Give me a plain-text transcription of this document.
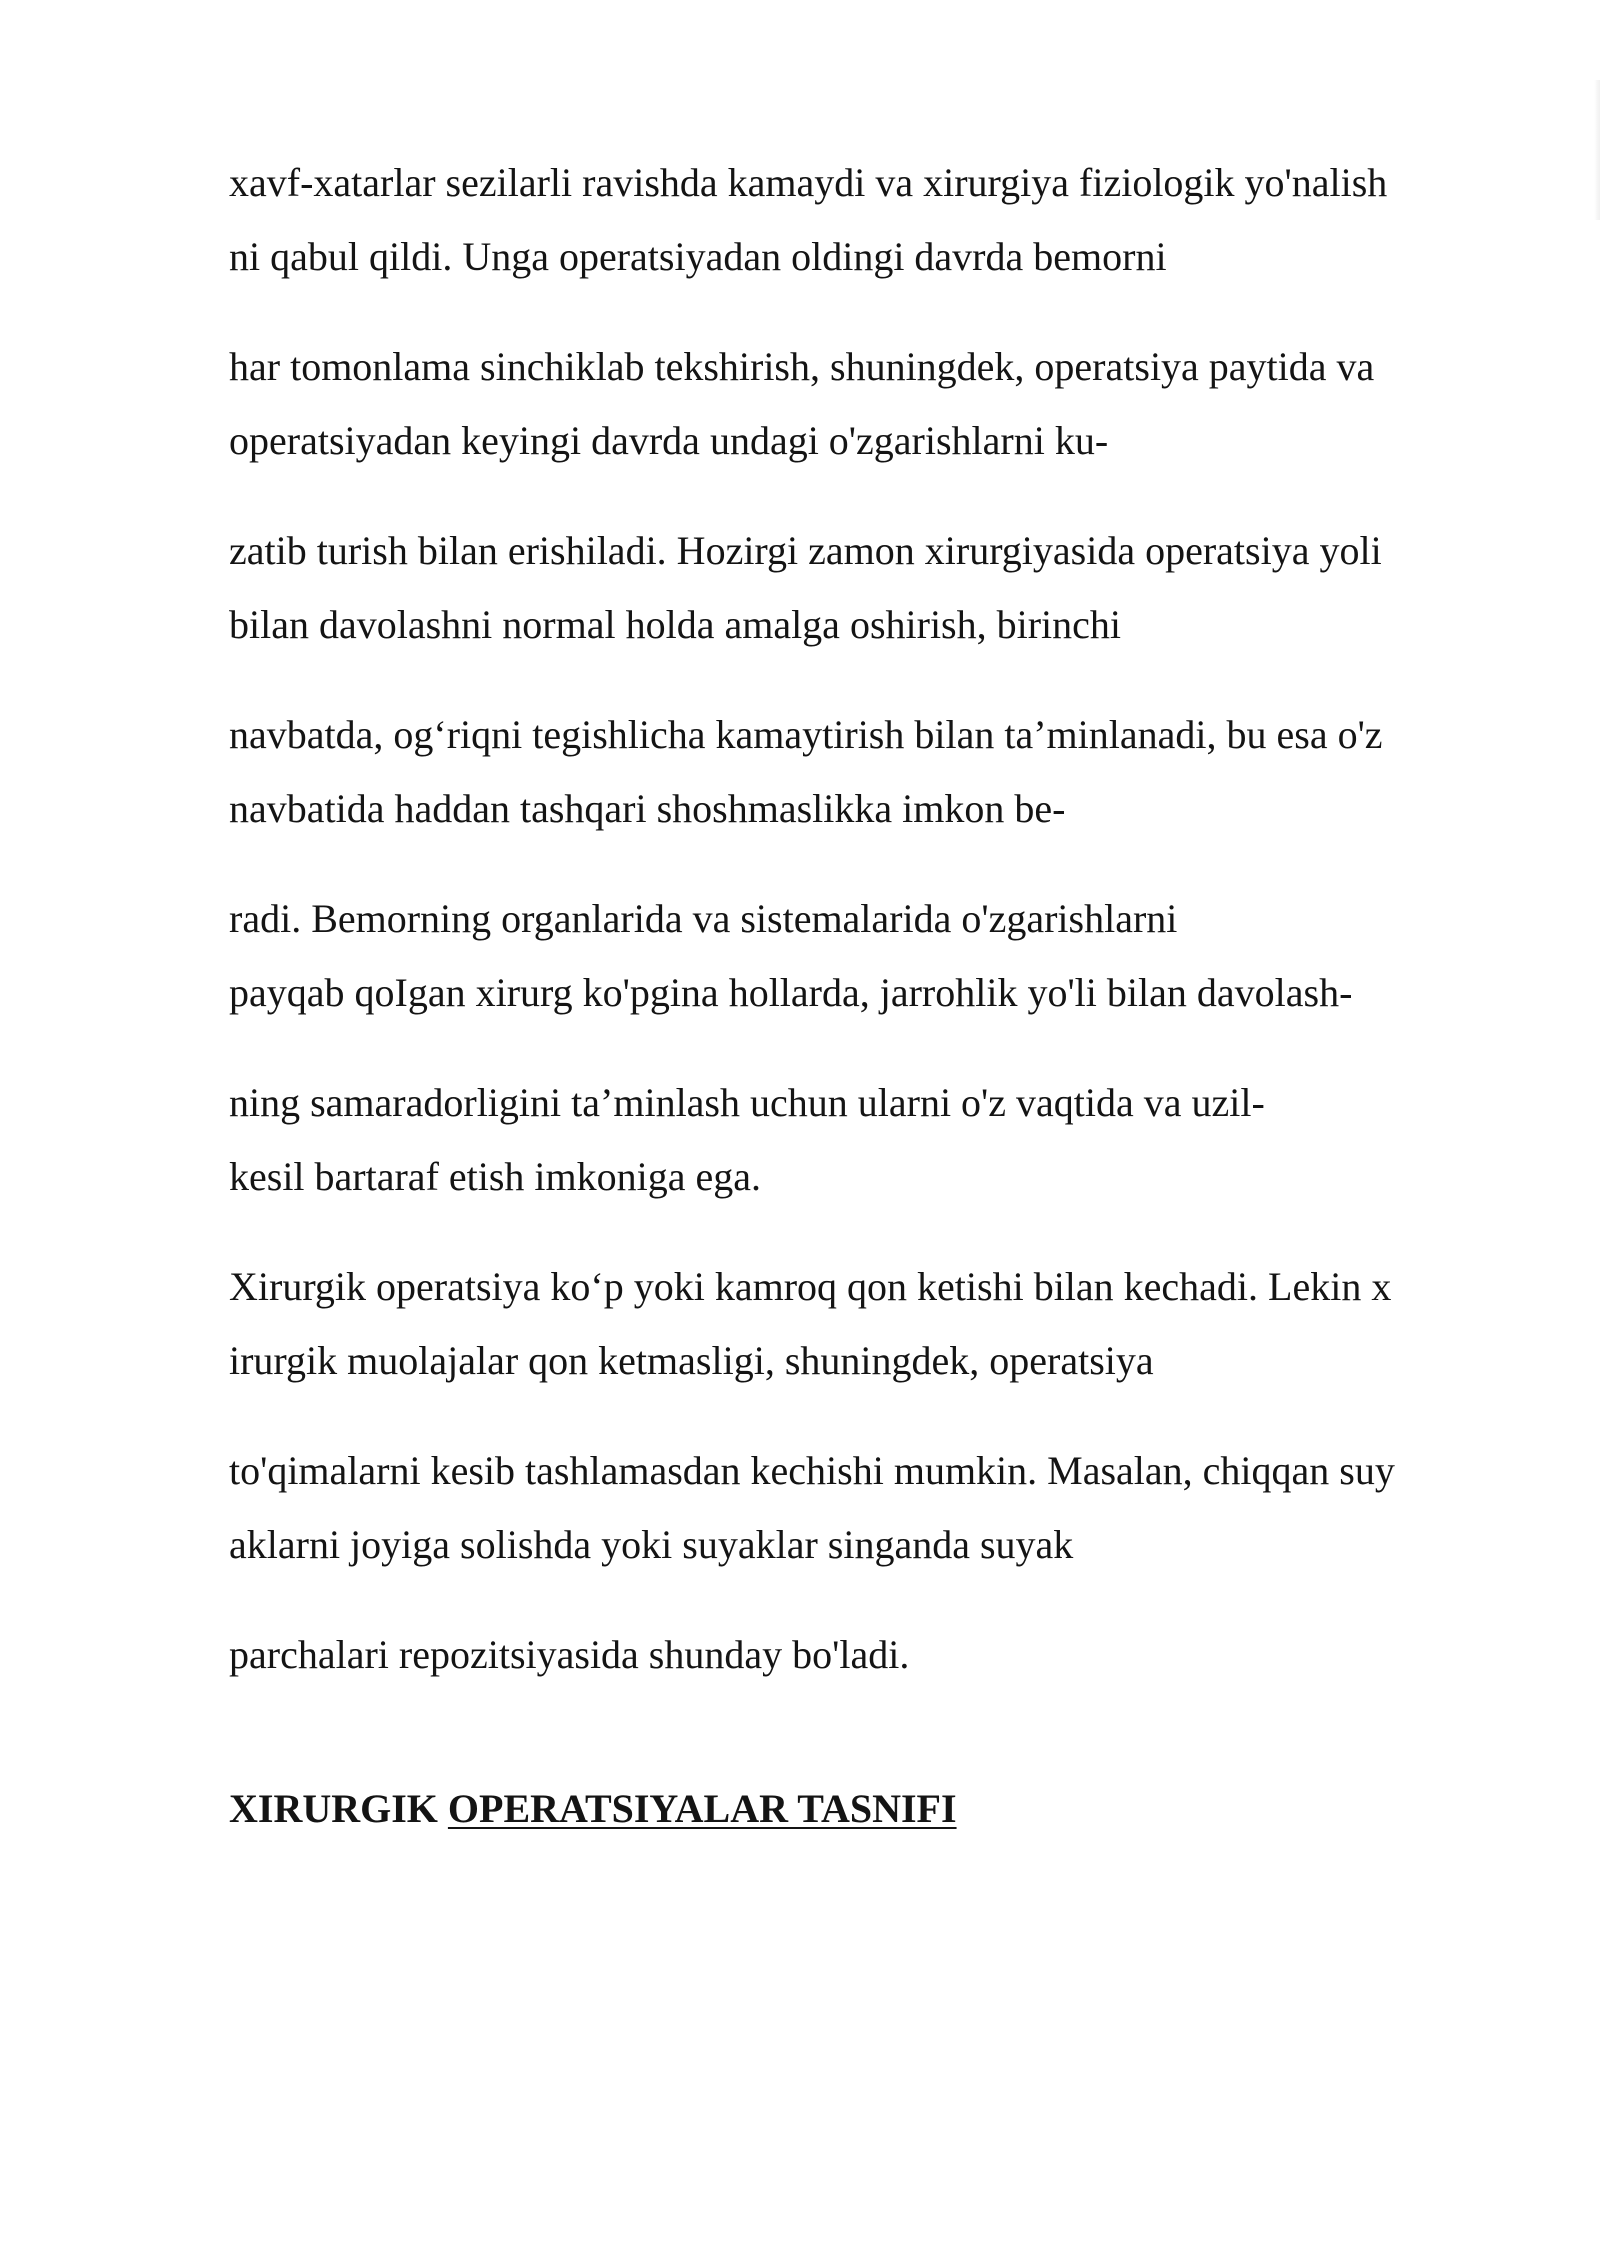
xavf-xatarlar sezilarli ravishda kamaydi va xirurgiya fiziologik yo'nalish
ni qabul qildi. Unga operatsiyadan oldingi davrda bemorni

har tomonlama sinchiklab tekshirish, shuningdek, operatsiya paytida va
operatsiyadan keyingi davrda undagi o'zgarishlarni ku-

zatib turish bilan erishiladi. Hozirgi zamon xirurgiyasida operatsiya yoli
bilan davolashni normal holda amalga oshirish, birinchi

navbatda, og‘riqni tegishlicha kamaytirish bilan ta’minlanadi, bu esa o'z
navbatida haddan tashqari shoshmaslikka imkon be-

radi. Bemorning organlarida va sistemalarida o'zgarishlarni
payqab qoIgan xirurg ko'pgina hollarda, jarrohlik yo'li bilan davolash-

ning samaradorligini ta’minlash uchun ularni o'z vaqtida va uzil-
kesil bartaraf etish imkoniga ega.

Xirurgik operatsiya ko‘p yoki kamroq qon ketishi bilan kechadi. Lekin x
irurgik muolajalar qon ketmasligi, shuningdek, operatsiya

to'qimalarni kesib tashlamasdan kechishi mumkin. Masalan, chiqqan suy
aklarni joyiga solishda yoki suyaklar singanda suyak

parchalari repozitsiyasida shunday bo'ladi.

XIRURGIK OPERATSIYALAR TASNIFI
